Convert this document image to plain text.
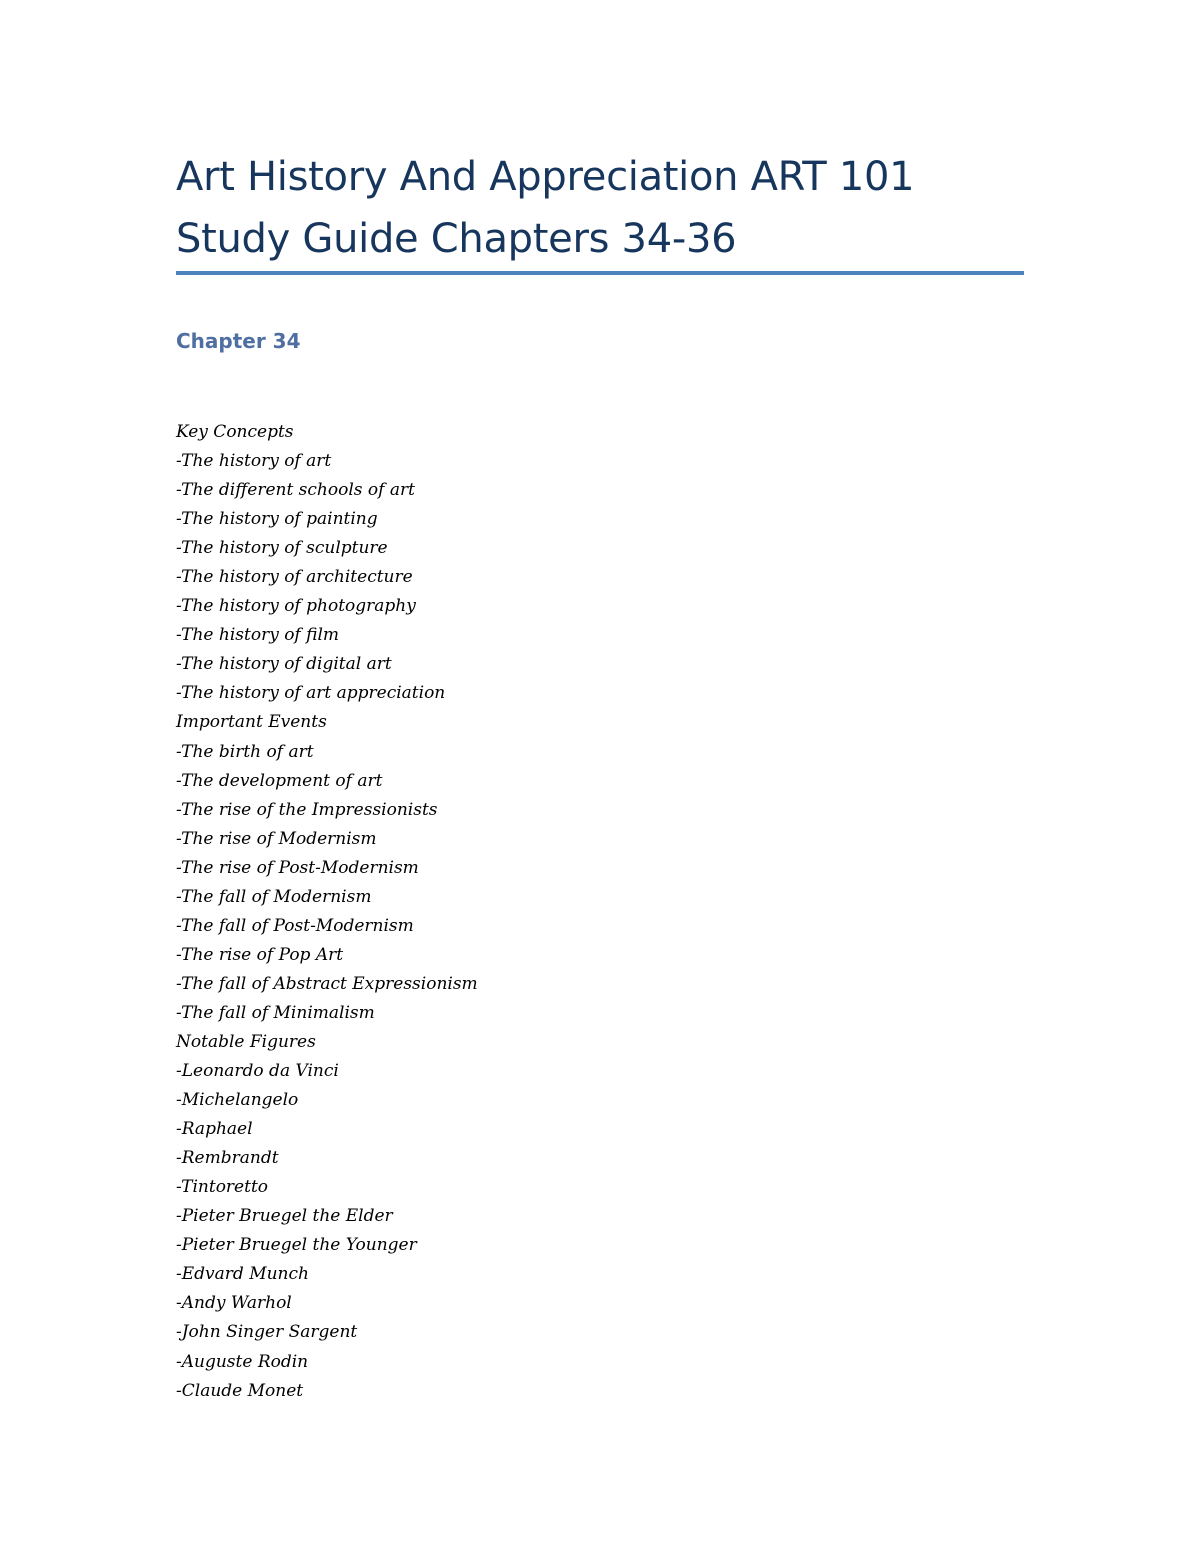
Art History And Appreciation ART 101
Study Guide Chapters 34-36
Chapter 34
Key Concepts
-The history of art
-The different schools of art
-The history of painting
-The history of sculpture
-The history of architecture
-The history of photography
-The history of film
-The history of digital art
-The history of art appreciation
Important Events
-The birth of art
-The development of art
-The rise of the Impressionists
-The rise of Modernism
-The rise of Post-Modernism
-The fall of Modernism
-The fall of Post-Modernism
-The rise of Pop Art
-The fall of Abstract Expressionism
-The fall of Minimalism
Notable Figures
-Leonardo da Vinci
-Michelangelo
-Raphael
-Rembrandt
-Tintoretto
-Pieter Bruegel the Elder
-Pieter Bruegel the Younger
-Edvard Munch
-Andy Warhol
-John Singer Sargent
-Auguste Rodin
-Claude Monet
